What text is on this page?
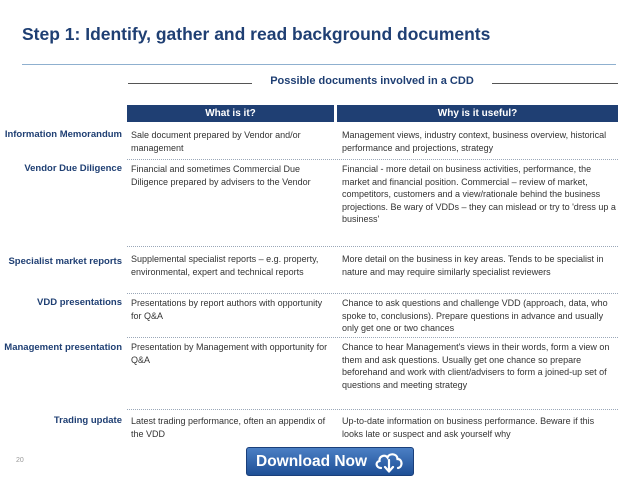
Step 1: Identify, gather and read background documents
Possible documents involved in a CDD
What is it?	Why is it useful?
Information Memorandum Sale document prepared by Vendor and/or management
Management views, industry context, business overview, historical performance and projections, strategy
Vendor Due Diligence Financial and sometimes Commercial Due Diligence prepared by advisers to the Vendor
Financial - more detail on business activities, performance, the market and financial position. Commercial – review of market, competitors, customers and a view/rationale behind the business projections. Be wary of VDDs – they can mislead or try to 'dress up a business'
Specialist market reports Supplemental specialist reports – e.g. property, environmental, expert and technical reports
More detail on the business in key areas. Tends to be specialist in nature and may require similarly specialist reviewers
VDD presentations Presentations by report authors with opportunity for Q&A
Chance to ask questions and challenge VDD (approach, data, who spoke to, conclusions). Prepare questions in advance and usually only get one or two chances
Management presentation Presentation by Management with opportunity for Q&A
Chance to hear Management's views in their words, form a view on them and ask questions. Usually get one chance so prepare beforehand and work with client/advisers to form a joined-up set of questions and meeting strategy
Trading update Latest trading performance, often an appendix of the VDD
Up-to-date information on business performance. Beware if this looks late or suspect and ask yourself why
20	Download Now
